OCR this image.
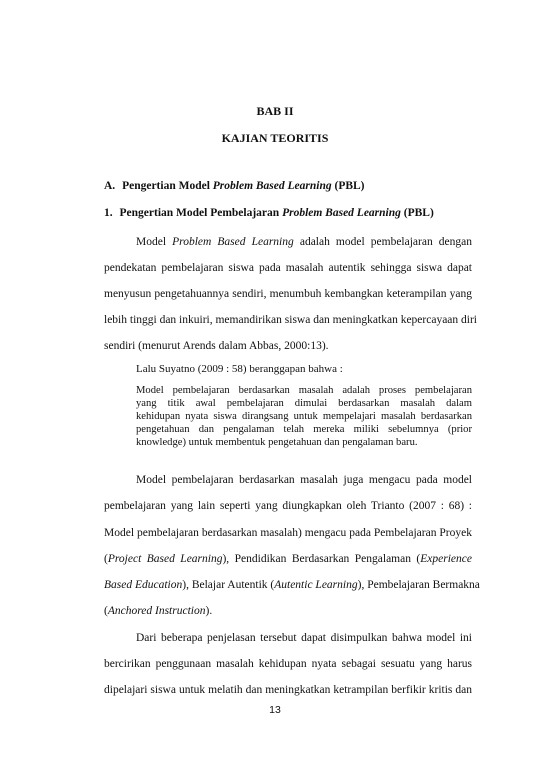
BAB II
KAJIAN TEORITIS
A. Pengertian Model Problem Based Learning (PBL)
1. Pengertian Model Pembelajaran Problem Based Learning (PBL)
Model Problem Based Learning adalah model pembelajaran dengan
pendekatan pembelajaran siswa pada masalah autentik sehingga siswa dapat
menyusun pengetahuannya sendiri, menumbuh kembangkan keterampilan yang
lebih tinggi dan inkuiri, memandirikan siswa dan meningkatkan kepercayaan diri
sendiri (menurut Arends dalam Abbas, 2000:13).
Lalu Suyatno (2009 : 58) beranggapan bahwa :
Model pembelajaran berdasarkan masalah adalah proses pembelajaran
yang titik awal pembelajaran dimulai berdasarkan masalah dalam
kehidupan nyata siswa dirangsang untuk mempelajari masalah berdasarkan
pengetahuan dan pengalaman telah mereka miliki sebelumnya (prior
knowledge) untuk membentuk pengetahuan dan pengalaman baru.
Model pembelajaran berdasarkan masalah juga mengacu pada model
pembelajaran yang lain seperti yang diungkapkan oleh Trianto (2007 : 68) :
Model pembelajaran berdasarkan masalah) mengacu pada Pembelajaran Proyek
(Project Based Learning), Pendidikan Berdasarkan Pengalaman (Experience
Based Education), Belajar Autentik (Autentic Learning), Pembelajaran Bermakna
(Anchored Instruction).
Dari beberapa penjelasan tersebut dapat disimpulkan bahwa model ini
bercirikan penggunaan masalah kehidupan nyata sebagai sesuatu yang harus
dipelajari siswa untuk melatih dan meningkatkan ketrampilan berfikir kritis dan
13
